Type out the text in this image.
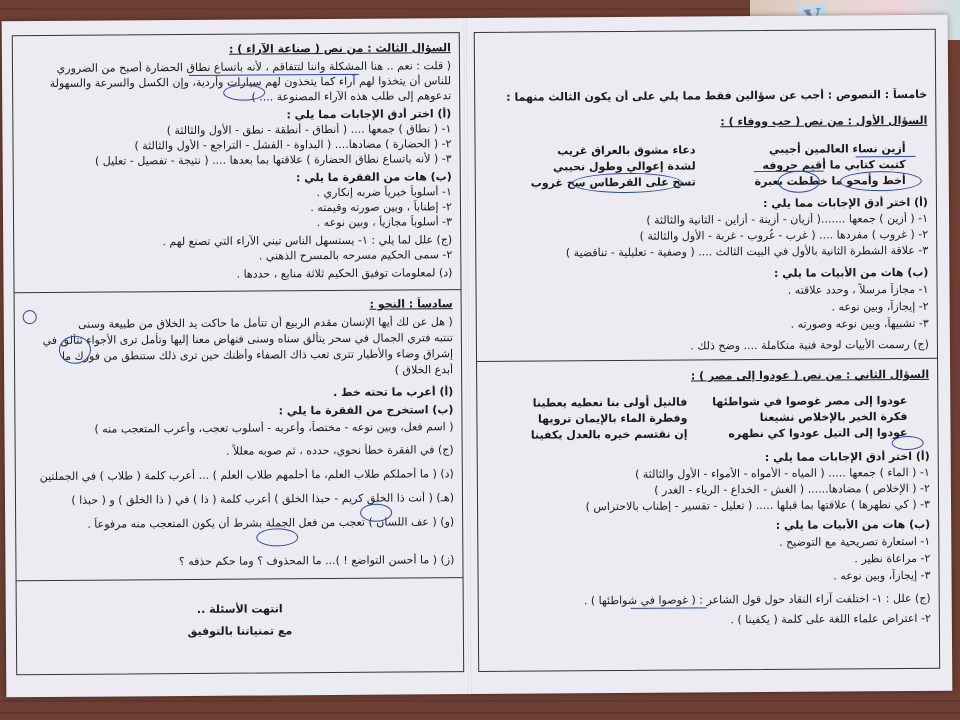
السؤال الثالث : من نص ( صناعة الآراء ) :
( قلت : نعم .. هنا المشكلة واننا لتتفاقم ، لأنه باتساع نطاق الحضارة أصبح من الضروري
للناس أن يتخذوا لهم آراء كما يتخذون لهم سيارات وأردية، وإن الكسل والسرعة والسهولة
تدعوهم إلى طلب هذه الآراء المصنوعة .... )
(أ) اختر أدق الإجابات مما يلي :
١- ( نطاق ) جمعها .... ( أنطاق - أنطقة - نطق - الأول والثالثة )
٢- ( الحضارة ) مضادها.... ( البداوة - الفشل - التراجع - الأول والثالثة )
٣- ( لأنه باتساع نطاق الحضارة ) علاقتها بما بعدها .... ( نتيجة - تفصيل - تعليل )
(ب) هات من الفقرة ما يلي :
١- أسلوباً خبرياً ضربه إنكاري .
٢- إطناباً ، وبين صورته وقيمته .
٣- أسلوباً مجازياً ، وبين نوعه .
(ج) علل لما يلي : ١- يستسهل الناس تبني الآراء التي تصنع لهم .
٢- سمى الحكيم مسرحه بالمسرح الذهني .
(د) لمعلومات توفيق الحكيم ثلاثة منابع ، حددها .
سادساً : النحو :
( هل عن لك أيها الإنسان مقدم الربيع أن تتأمل ما حاكت يد الخلاق من طبيعة وسنى
تنتبه فتري الجمال في سحر يتألق سناه وسنى فنهاض معنا إليها وتأمل ترى الأجواء تتألق في
إشراق وضاء والأطيار تترى تعب ذاك الصفاء وأظنك حين ترى ذلك ستنطق من فورك ما
أبدع الخلاق )
(أ) أعرب ما تحته خط .
(ب) استخرج من الفقرة ما يلي :
( اسم فعل، وبين نوعه - مختصاً، وأعربه - أسلوب تعجب، وأعرب المتعجب منه )
(ج) في الفقرة خطأ نحوي، حدده ، ثم صوبه معللاً .
(د) ( ما أحملكم طلاب العلم، ما أحلمهم طلاب العلم ) ... أعرب كلمة ( طلاب ) في الجملتين
(هـ) ( أنت ذا الخلق كريم - حبذا الخلق ) أعرب كلمة ( ذا ) في ( ذا الخلق ) و ( حبذا )
(و) ( عف اللسان ) تعجب من فعل الجملة بشرط أن يكون المتعجب منه مرفوعاً .
(ز) ( ما أحسن التواضع ! )... ما المحذوف ؟ وما حكم حذفه ؟
انتهت الأسئلة ..
مع تمنياتنا بالتوفيق
خامساً : النصوص : أجب عن سؤالين فقط مما يلي على أن يكون الثالث منهما :
السؤال الأول : من نص ( حب ووفاء ) :
أزين نساء العالمين أجيبي
كتبت كتابي ما أقيم حروفه
أخط وأمحو ما خططت بعبرة
دعاء مشوق بالعراق غريب
لشدة إعوالي وطول نحيبي
تسح على القرطاس سح غروب
(أ) اختر أدق الإجابات مما يلي :
١- ( أزين ) جمعها .......( أزيان - أزينة - أزاين - الثانية والثالثة )
٢- ( غروب ) مفردها .... ( غرب - غُروب - غربة - الأول والثالثة )
٣- علاقة الشطرة الثانية بالأول في البيت الثالث .... ( وصفية - تعليلية - تناقضية )
(ب) هات من الأبيات ما يلي :
١- مجازاً مرسلاً ، وحدد علاقته .
٢- إيجازاً، وبين نوعه .
٣- تشبيهاً، وبين نوعه وصورته .
(ج) رسمت الأبيات لوحة فنية متكاملة .... وضح ذلك .
السؤال الثاني : من نص ( عودوا إلى مصر ) :
عودوا إلى مصر غوصوا في شواطئها
فكرة الخير بالإخلاص نشيعنا
عودوا إلى النيل عودوا كي نطهره
فالنيل أولى بنا نعطيه يعطينا
وفطرة الماء بالإيمان ترويها
إن نقتسم خيره بالعدل يكفينا
(أ) اختر أدق الإجابات مما يلي :
١- ( الماء ) جمعها ..... ( المياه - الأمواه - الأمواء - الأول والثالثة )
٢- ( الإخلاص ) مضادها...... ( الغش - الخداع - الرياء - الغدر )
٣- ( كي نطهرها ) علاقتها بما قبلها ..... ( تعليل - تفسير - إطناب بالاحتراس )
(ب) هات من الأبيات ما يلي :
١- استعارة تصريحية مع التوضيح .
٢- مراعاة نظير .
٣- إيجازاً، وبين نوعه .
(ج) علل : ١- اختلفت آراء النقاد حول قول الشاعر : ( غوصوا في شواطئها ) .
٢- اعتراض علماء اللغة على كلمة ( يكفينا ) .
